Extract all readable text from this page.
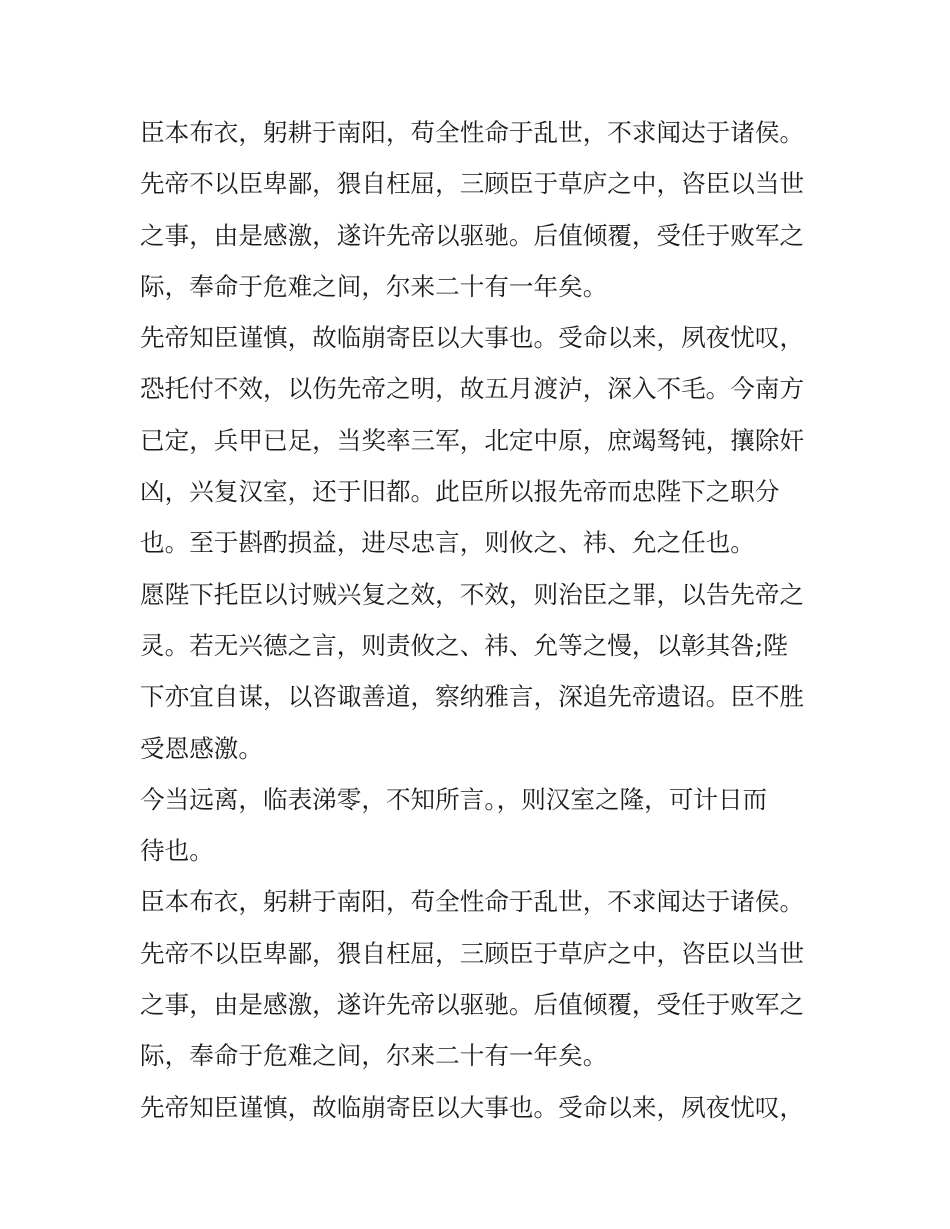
臣本布衣，躬耕于南阳，苟全性命于乱世，不求闻达于诸侯。

先帝不以臣卑鄙，猥自枉屈，三顾臣于草庐之中，咨臣以当世

之事，由是感激，遂许先帝以驱驰。后值倾覆，受任于败军之

际，奉命于危难之间，尔来二十有一年矣。

先帝知臣谨慎，故临崩寄臣以大事也。受命以来，夙夜忧叹，

恐托付不效，以伤先帝之明，故五月渡泸，深入不毛。今南方

已定，兵甲已足，当奖率三军，北定中原，庶竭驽钝，攘除奸

凶，兴复汉室，还于旧都。此臣所以报先帝而忠陛下之职分

也。至于斟酌损益，进尽忠言，则攸之、祎、允之任也。

愿陛下托臣以讨贼兴复之效，不效，则治臣之罪，以告先帝之

灵。若无兴德之言，则责攸之、祎、允等之慢，以彰其咎;陛

下亦宜自谋，以咨诹善道，察纳雅言，深追先帝遗诏。臣不胜

受恩感激。

今当远离，临表涕零，不知所言。，则汉室之隆，可计日而

待也。

臣本布衣，躬耕于南阳，苟全性命于乱世，不求闻达于诸侯。

先帝不以臣卑鄙，猥自枉屈，三顾臣于草庐之中，咨臣以当世

之事，由是感激，遂许先帝以驱驰。后值倾覆，受任于败军之

际，奉命于危难之间，尔来二十有一年矣。

先帝知臣谨慎，故临崩寄臣以大事也。受命以来，夙夜忧叹，
